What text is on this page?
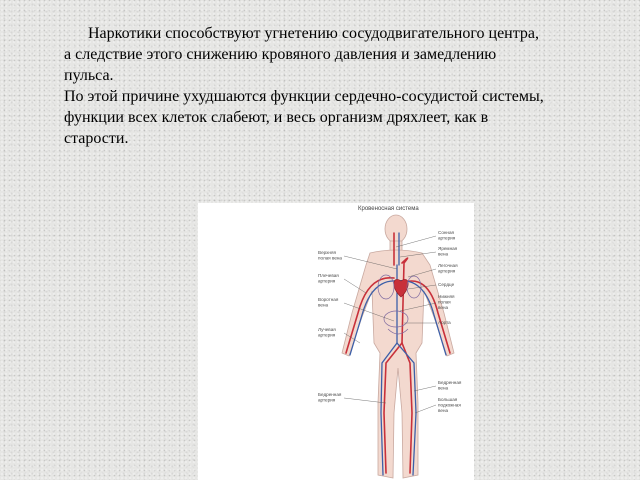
Наркотики способствуют угнетению сосудодвигательного центра, а следствие этого снижению кровяного давления и замедлению пульса.

По этой причине ухудшаются функции сердечно-сосудистой системы, функции всех клеток слабеют, и весь организм дряхлеет, как в старости.

Кровеносная система
Верхняя полая вена
Плечевая артерия
Воротная вена
Лучевая артерия
Бедренная артерия
Сонная артерия
Яремная вена
Легочная артерия
Сердце
Нижняя полая вена
Аорта
Бедренная вена
Большая подкожная вена
